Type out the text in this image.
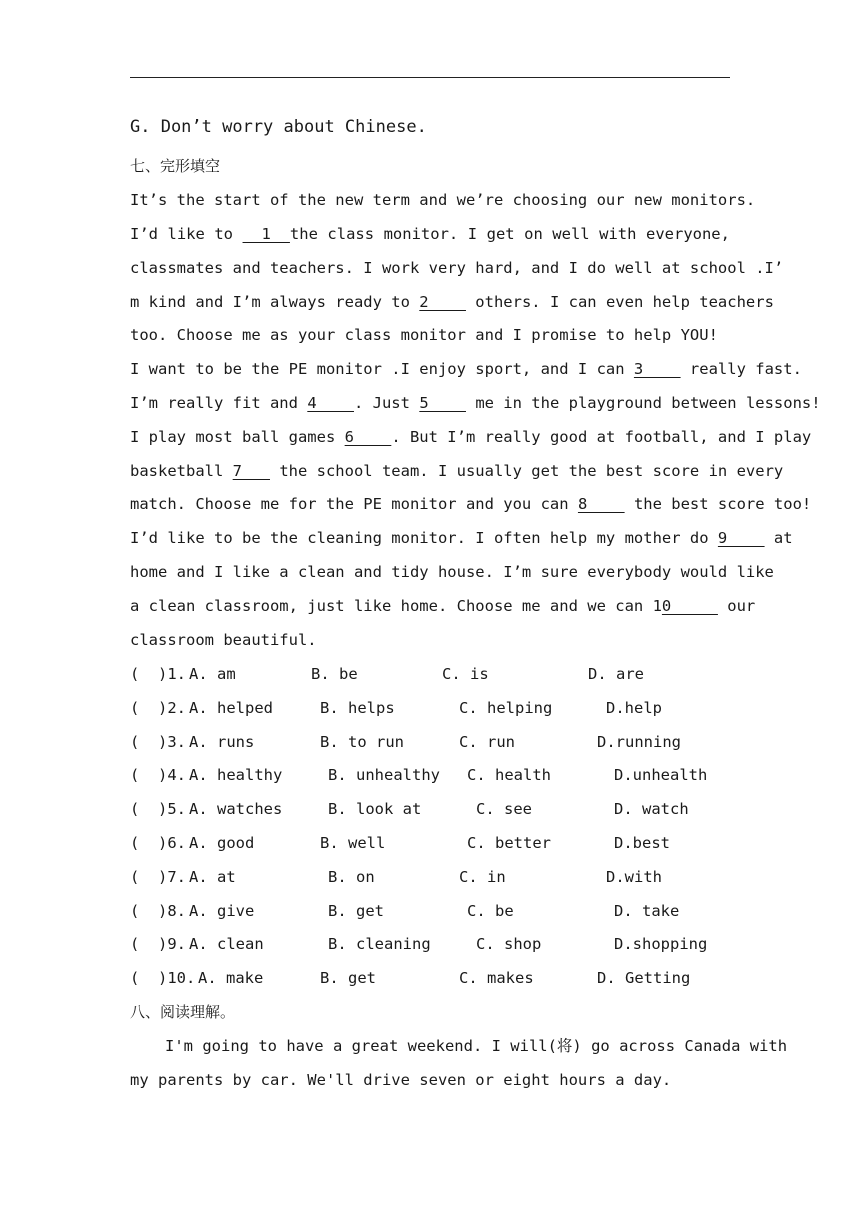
G. Don’t worry about Chinese.
七、完形填空
It’s the start of the new term and we’re choosing our new monitors.
I’d like to   1  the class monitor. I get on well with everyone,
classmates and teachers. I work very hard, and I do well at school .I’
m kind and I’m always ready to 2     others. I can even help teachers
too. Choose me as your class monitor and I promise to help YOU!
I want to be the PE monitor .I enjoy sport, and I can 3     really fast.
I’m really fit and 4    . Just 5     me in the playground between lessons!
I play most ball games 6    . But I’m really good at football, and I play
basketball 7    the school team. I usually get the best score in every
match. Choose me for the PE monitor and you can 8     the best score too!
I’d like to be the cleaning monitor. I often help my mother do 9     at
home and I like a clean and tidy house. I’m sure everybody would like
a clean classroom, just like home. Choose me and we can 10      our
classroom beautiful.

(  )1.

A. am

	B. be

	C. is

	D. are

(  )2.

A. helped

	B. helps

	C. helping

	D.help

(  )3.

A. runs

	B. to run

	C. run

	D.running

(  )4.

A. healthy

	B. unhealthy

C. health

	D.unhealth

(  )5.

A. watches

	B. look at

	C. see

	D. watch

(  )6.

A. good

	B. well

	C. better

	D.best

(  )7.

A. at

	B. on

	C. in

	D.with

(  )8.

A. give

	B. get

	C. be

	D. take

(  )9.

A. clean

	B. cleaning

	C. shop

	D.shopping

(  )10.

A. make

	B. get

	C. makes

	D. Getting

八、阅读理解。
I'm going to have a great weekend. I will(将) go across Canada with
my parents by car. We'll drive seven or eight hours a day.
